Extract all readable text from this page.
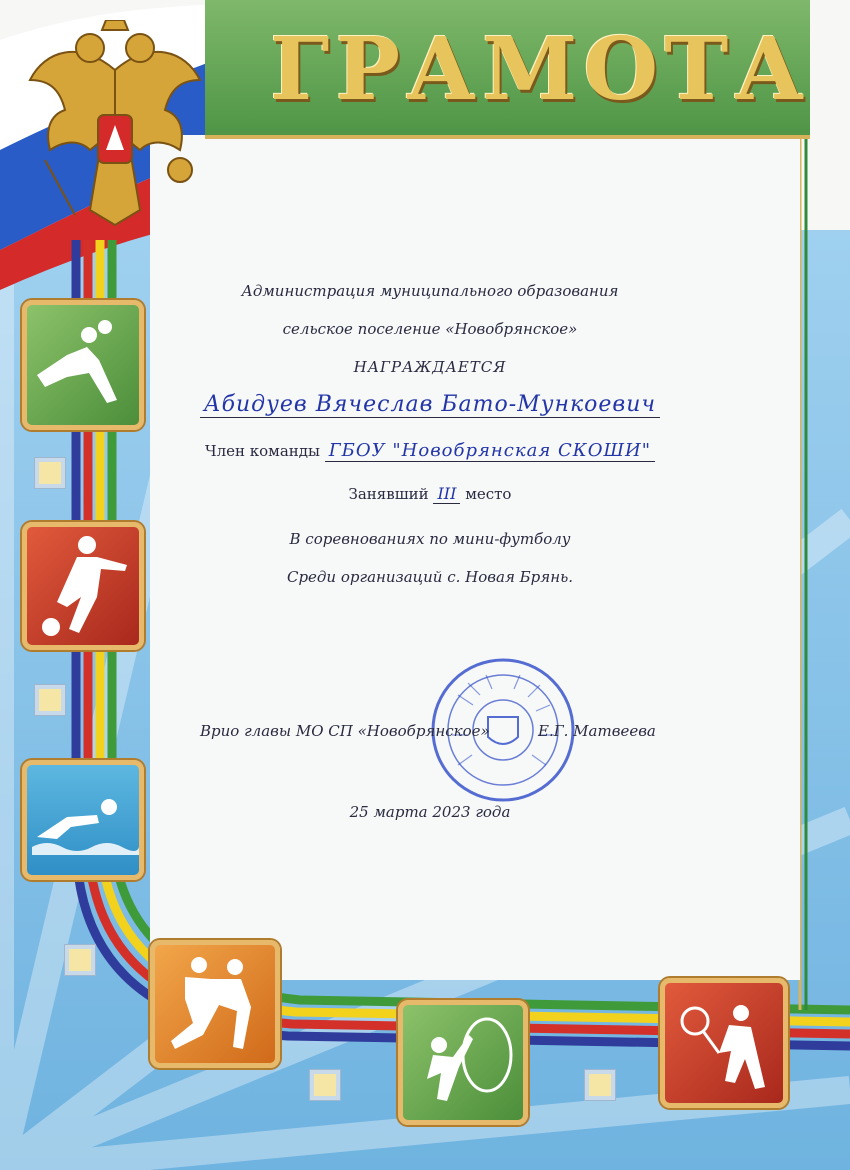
ГРАМОТА
Администрация муниципального образования
сельское поселение «Новобрянское»
НАГРАЖДАЕТСЯ
Абидуев Вячеслав Бато-Мункоевич
Член команды ГБОУ "Новобрянская СКОШИ"
Занявший III место
В соревнованиях по мини-футболу
Среди организаций с. Новая Брянь.
Врио главы МО СП «Новобрянское»	Е.Г. Матвеева
25 марта 2023 года
